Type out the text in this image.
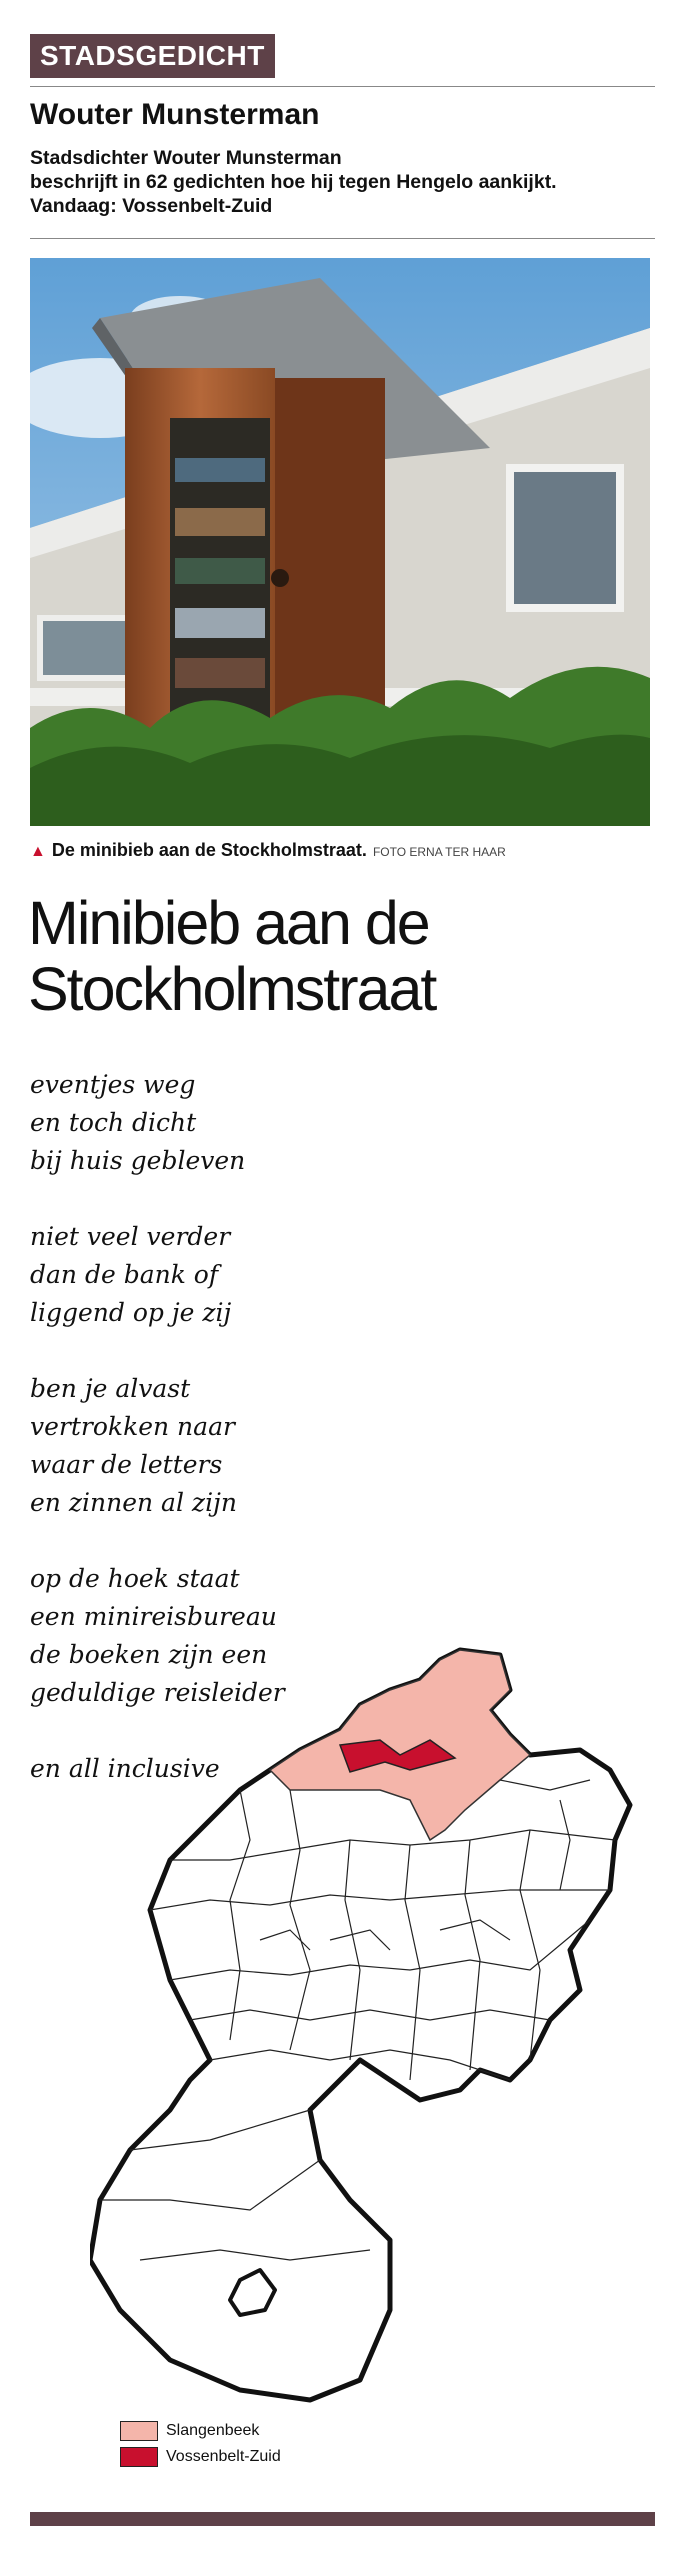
STADSGEDICHT
Wouter Munsterman
Stadsdichter Wouter Munsterman
beschrijft in 62 gedichten hoe hij tegen Hengelo aankijkt.
Vandaag: Vossenbelt-Zuid
▲ De minibieb aan de Stockholmstraat. FOTO ERNA TER HAAR
Minibieb aan de
Stockholmstraat
eventjes weg
en toch dicht
bij huis gebleven
niet veel verder
dan de bank of
liggend op je zij
ben je alvast
vertrokken naar
waar de letters
en zinnen al zijn
op de hoek staat
een minireisbureau
de boeken zijn een
geduldige reisleider
en all inclusive
Slangenbeek
Vossenbelt-Zuid
